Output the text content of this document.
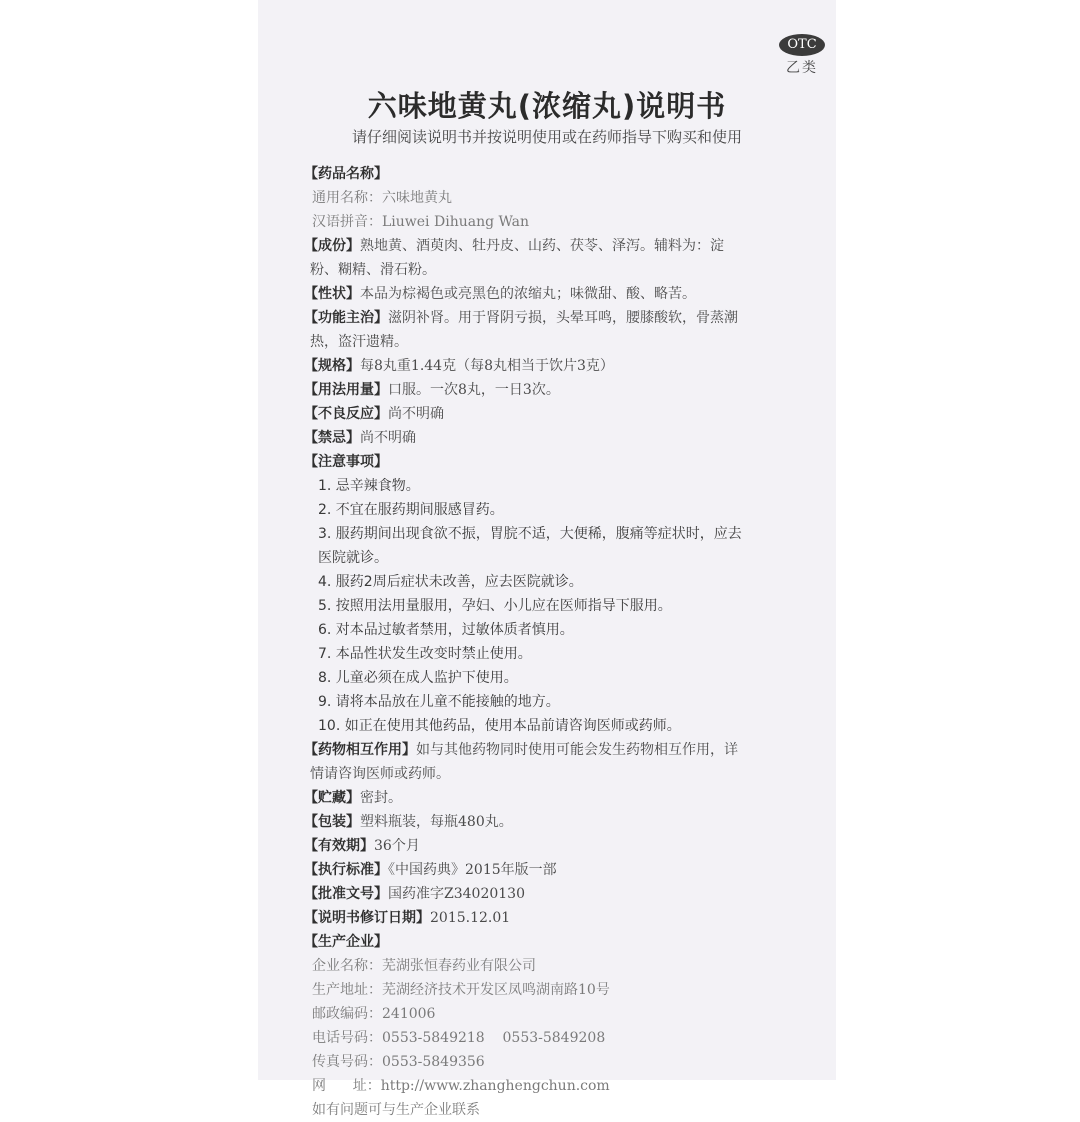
OTC
乙类
六味地黄丸(浓缩丸)说明书
请仔细阅读说明书并按说明使用或在药师指导下购买和使用
【药品名称】
通用名称：六味地黄丸
汉语拼音：Liuwei Dihuang Wan
【成份】熟地黄、酒萸肉、牡丹皮、山药、茯苓、泽泻。辅料为：淀
粉、糊精、滑石粉。
【性状】本品为棕褐色或亮黑色的浓缩丸；味微甜、酸、略苦。
【功能主治】滋阴补肾。用于肾阴亏损，头晕耳鸣，腰膝酸软，骨蒸潮
热，盗汗遗精。
【规格】每8丸重1.44克（每8丸相当于饮片3克）
【用法用量】口服。一次8丸，一日3次。
【不良反应】尚不明确
【禁忌】尚不明确
【注意事项】
1. 忌辛辣食物。
2. 不宜在服药期间服感冒药。
3. 服药期间出现食欲不振，胃脘不适，大便稀，腹痛等症状时，应去
医院就诊。
4. 服药2周后症状未改善，应去医院就诊。
5. 按照用法用量服用，孕妇、小儿应在医师指导下服用。
6. 对本品过敏者禁用，过敏体质者慎用。
7. 本品性状发生改变时禁止使用。
8. 儿童必须在成人监护下使用。
9. 请将本品放在儿童不能接触的地方。
10. 如正在使用其他药品，使用本品前请咨询医师或药师。
【药物相互作用】如与其他药物同时使用可能会发生药物相互作用，详
情请咨询医师或药师。
【贮藏】密封。
【包装】塑料瓶装，每瓶480丸。
【有效期】36个月
【执行标准】《中国药典》2015年版一部
【批准文号】国药准字Z34020130
【说明书修订日期】2015.12.01
【生产企业】
企业名称：芜湖张恒春药业有限公司
生产地址：芜湖经济技术开发区凤鸣湖南路10号
邮政编码：241006
电话号码：0553-5849218    0553-5849208
传真号码：0553-5849356
网      址：http://www.zhanghengchun.com
如有问题可与生产企业联系
